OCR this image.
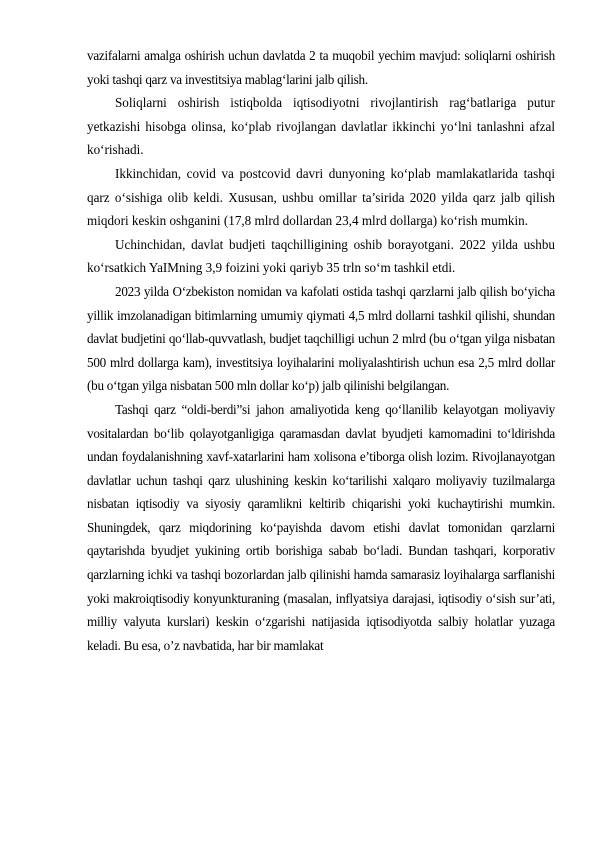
vazifalarni amalga oshirish uchun davlatda 2 ta muqobil yechim mavjud: soliqlarni oshirish yoki tashqi qarz va investitsiya mablag‘larini jalb qilish.

Soliqlarni oshirish istiqbolda iqtisodiyotni rivojlantirish rag‘batlariga putur yetkazishi hisobga olinsa, ko‘plab rivojlangan davlatlar ikkinchi yo‘lni tanlashni afzal ko‘rishadi.

Ikkinchidan, covid va postcovid davri dunyoning ko‘plab mamlakatlarida tashqi qarz o‘sishiga olib keldi. Xususan, ushbu omillar ta’sirida 2020 yilda qarz jalb qilish miqdori keskin oshganini (17,8 mlrd dollardan 23,4 mlrd dollarga) ko‘rish mumkin.

Uchinchidan, davlat budjeti taqchilligining oshib borayotgani. 2022 yilda ushbu ko‘rsatkich YaIMning 3,9 foizini yoki qariyb 35 trln so‘m tashkil etdi.

2023 yilda O‘zbekiston nomidan va kafolati ostida tashqi qarzlarni jalb qilish bo‘yicha yillik imzolanadigan bitimlarning umumiy qiymati 4,5 mlrd dollarni tashkil qilishi, shundan davlat budjetini qo‘llab-quvvatlash, budjet taqchilligi uchun 2 mlrd (bu o‘tgan yilga nisbatan 500 mlrd dollarga kam), investitsiya loyihalarini moliyalashtirish uchun esa 2,5 mlrd dollar (bu o‘tgan yilga nisbatan 500 mln dollar ko‘p) jalb qilinishi belgilangan.

Tashqi qarz “oldi-berdi”si jahon amaliyotida keng qo‘llanilib kelayotgan moliyaviy vositalardan bo‘lib qolayotganligiga qaramasdan davlat byudjeti kamomadini to‘ldirishda undan foydalanishning xavf-xatarlarini ham xolisona e’tiborga olish lozim. Rivojlanayotgan davlatlar uchun tashqi qarz ulushining keskin ko‘tarilishi xalqaro moliyaviy tuzilmalarga nisbatan iqtisodiy va siyosiy qaramlikni keltirib chiqarishi yoki kuchaytirishi mumkin. Shuningdek, qarz miqdorining ko‘payishda davom etishi davlat tomonidan qarzlarni qaytarishda byudjet yukining ortib borishiga sabab bo‘ladi. Bundan tashqari, korporativ qarzlarning ichki va tashqi bozorlardan jalb qilinishi hamda samarasiz loyihalarga sarflanishi yoki makroiqtisodiy konyunkturaning (masalan, inflyatsiya darajasi, iqtisodiy o‘sish sur’ati, milliy valyuta kurslari) keskin o‘zgarishi natijasida iqtisodiyotda salbiy holatlar yuzaga keladi. Bu esa, o’z navbatida, har bir mamlakat
